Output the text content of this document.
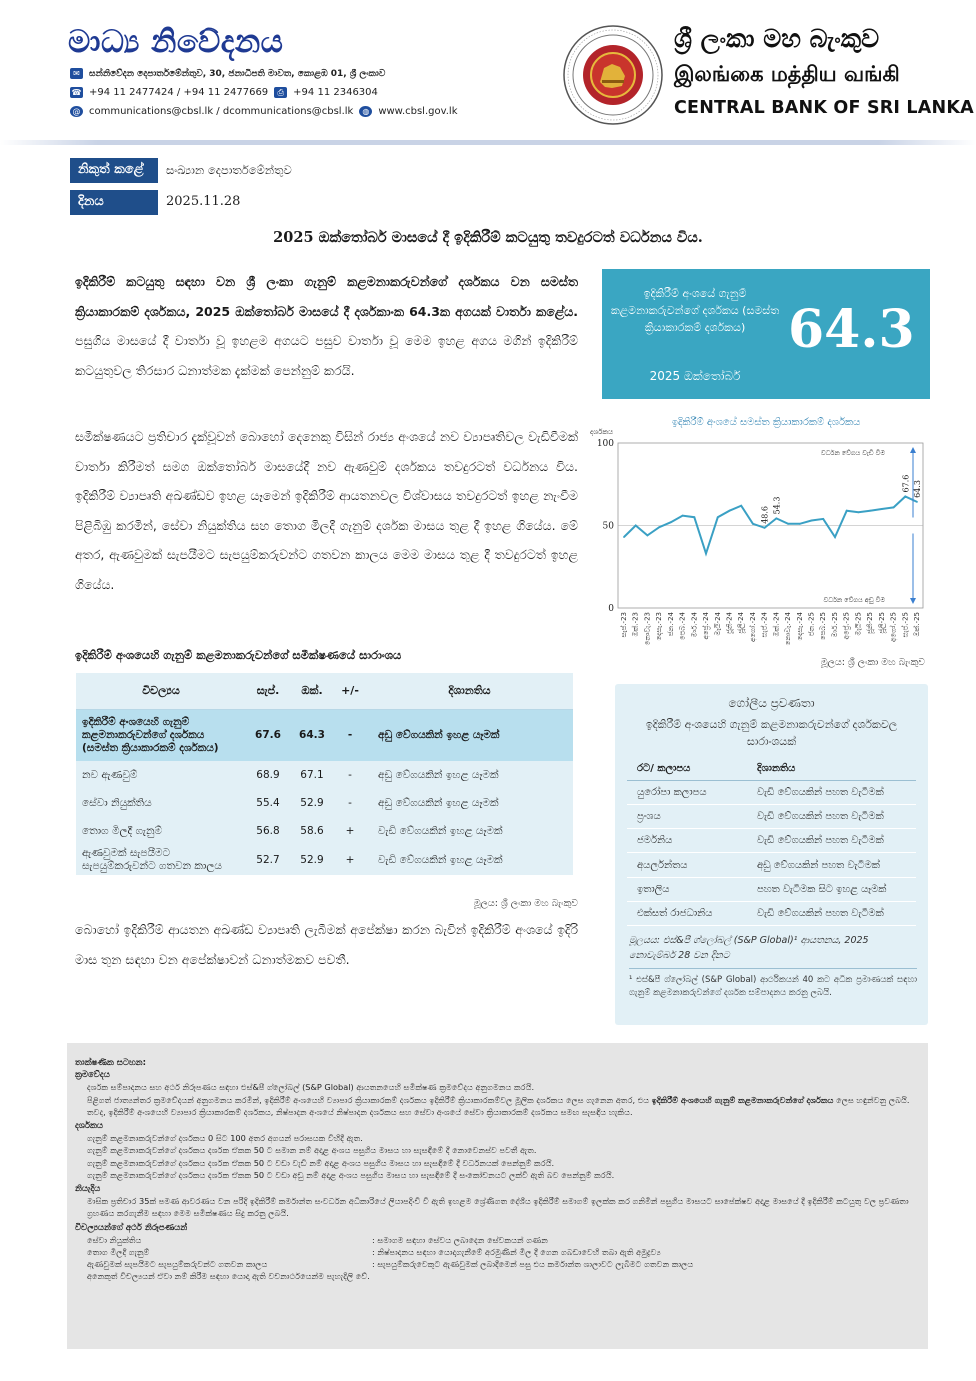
මාධ්‍ය නිවේදනය
✉	සන්නිවේදන දෙපාර්තමේන්තුව, 30, ජනාධිපති මාවත, කොළඹ 01, ශ්‍රී ලංකාව
☎ +94 11 2477424 / +94 11 2477669	⎙ +94 11 2346304
@ communications@cbsl.lk / dcommunications@cbsl.lk	◍ www.cbsl.gov.lk
ශ්‍රී ලංකා මහ බැංකුව
இலங்கை மத்திய வங்கி
CENTRAL BANK OF SRI LANKA
නිකුත් කළේ	සංඛ්‍යාන දෙපාර්තමේන්තුව
දිනය	2025.11.28
2025 ඔක්තෝබර් මාසයේ දී ඉදිකිරීම් කටයුතු තවදුරටත් වර්ධනය විය.
ඉදිකිරීම් කටයුතු සඳහා වන ශ්‍රී ලංකා ගැනුම් කළමනාකරුවන්ගේ දර්ශකය වන සමස්ත ක්‍රියාකාරකම් දර්ශකය, 2025 ඔක්තෝබර් මාසයේ දී දර්ශකාංක 64.3ක අගයක් වාර්තා කළේය. පසුගිය මාසයේ දී වාර්තා වූ ඉහළම අගයට පසුව වාර්තා වූ මෙම ඉහළ අගය මගින් ඉදිකිරීම් කටයුතුවල තිරසාර ධනාත්මක දැක්මක් පෙන්නුම් කරයි.
සමීක්ෂණයට ප්‍රතිචාර දැක්වූවන් බොහෝ දෙනෙකු විසින් රාජ්‍ය අංශයේ නව ව්‍යාපෘතිවල වැඩිවීමක් වාර්තා කිරීමත් සමග ඔක්තෝබර් මාසයේදී නව ඇණවුම් දර්ශකය තවදුරටත් වර්ධනය විය. ඉදිකිරීම් ව්‍යාපෘති අඛණ්ඩව ඉහළ යෑමෙන් ඉදිකිරීම් ආයතනවල විශ්වාසය තවදුරටත් ඉහළ නැංවීම පිළිබිඹු කරමින්, සේවා නියුක්තිය සහ තොග මිලදී ගැනුම් දර්ශක මාසය තුළ දී ඉහළ ගියේය. මේ අතර, ඇණවුමක් සැපයීමට සැපයුම්කරුවන්ට ගතවන කාලය මෙම මාසය තුළ දී තවදුරටත් ඉහළ ගියේය.
ඉදිකිරීම් අංශයේ ගැනුම් කළමනාකරුවන්ගේ දර්ශකය (සමස්ත ක්‍රියාකාරකම් දර්ශකය) 64.3
2025 ඔක්තෝබර්
ඉදිකිරීම් අංශයේ සමස්ත ක්‍රියාකාරකම් දර්ශකය
දර්ශකය
0
50
100
සැප්.-23 ඔක්.-23 නොවැ.-23 දෙසැ.-23 ජන.-24 පෙබ.-24 මාර්.-24 අප්‍රේ.-24 මැයි-24 ජූනි-24 ජූලි-24 අගෝ.-24 සැප්.-24 ඔක්.-24 නොවැ.-24 දෙසැ.-24 ජන.-25 පෙබ.-25 මාර්.-25 අප්‍රේ.-25 මැයි-25 ජූනි-25 ජූලි-25 අගෝ.-25 සැප්.-25 ඔක්.-25
48.6
54.3
67.6 64.3
වර්ධන වේගය වැඩි වීම
වර්ධන වේගය අඩු වීම
මූලය: ශ්‍රී ලංකා මහ බැංකුව
ඉදිකිරීම් අංශයෙහි ගැනුම් කළමනාකරුවන්ගේ සමීක්ෂණයේ සාරාංශය
විචල්‍යය	සැප්.	ඔක්.	+/-	දිශානතිය
ඉදිකිරීම් අංශයෙහි ගැනුම් කළමනාකරුවන්ගේ දර්ශකය (සමස්ත ක්‍රියාකාරකම් දර්ශකය)	67.6	64.3	-	අඩු වේගයකින් ඉහළ යෑමක්
නව ඇණවුම්	68.9	67.1	-	අඩු වේගයකින් ඉහළ යෑමක්
සේවා නියුක්තිය	55.4	52.9	-	අඩු වේගයකින් ඉහළ යෑමක්
තොග මිලදී ගැනුම්	56.8	58.6	+	වැඩි වේගයකින් ඉහළ යෑමක්
ඇණවුමක් සැපයීමට සැපයුම්කරුවන්ට ගතවන කාලය	52.7	52.9	+	වැඩි වේගයකින් ඉහළ යෑමක්
මූලය: ශ්‍රී ලංකා මහ බැංකුව
බොහෝ ඉදිකිරීම් ආයතන අඛණ්ඩ ව්‍යාපෘති ලැබීමක් අපේක්ෂා කරන බැවින් ඉදිකිරීම් අංශයේ ඉදිරි මාස තුන සඳහා වන අපේක්ෂාවන් ධනාත්මකව පවතී.
ගෝලීය ප්‍රවණතා
ඉදිකිරීම් අංශයෙහි ගැනුම් කළමනාකරුවන්ගේ දර්ශකවල සාරාංශයක්
රට/ කලාපය	දිශානතිය
යුරෝපා කලාපය	වැඩි වේගයකින් පහත වැටීමක්
ප්‍රංශය	වැඩි වේගයකින් පහත වැටීමක්
ජර්මනිය	වැඩි වේගයකින් පහත වැටීමක්
අයර්ලන්තය	අඩු වේගයකින් පහත වැටීමක්
ඉතාලිය	පහත වැටීමක සිට ඉහළ යෑමක්
එක්සත් රාජධානිය	වැඩි වේගයකින් පහත වැටීමක්
මූලයය: එස්&පී ග්ලෝබල් (S&P Global)¹ ආයතනය, 2025 නොවැම්බර් 28 වන දිනට
¹ එස්&පී ග්ලෝබල් (S&P Global) ආර්ථිකයන් 40 කට අධික ප්‍රමාණයක් සඳහා ගැනුම් කළමනාකරුවන්ගේ දර්ශක සම්පාදනය කරනු ලබයි.
තාක්ෂණික සටහන:
ක්‍රමවේදය
දර්ශක සම්පාදනය සහ අර්ථ නිරූපණය සඳහා එස්&පී ග්ලෝබල් (S&P Global) ආයතනයෙහි සමීක්ෂණ ක්‍රමවේදය අනුගමනය කරයි.
පිළිගත් ජාත්‍යන්තර ක්‍රමවේදයන් අනුගමනය කරමින්, ඉදිකිරීම් අංශයෙහි ව්‍යාපාර ක්‍රියාකාරකම් දර්ශකය ඉදිකිරීම් ක්‍රියාකාරකම්වල මූලික දර්ශකය ලෙස ගැනෙන අතර, එය ඉදිකිරීම් අංශයෙහි ගැනුම් කළමනාකරුවන්ගේ දර්ශකය ලෙස හඳුන්වනු ලබයි. තවද, ඉදිකිරීම් අංශයෙහි ව්‍යාපාර ක්‍රියාකාරකම් දර්ශකය, නිෂ්පාදන අංශයේ නිෂ්පාදන දර්ශකය සහ සේවා අංශයේ සේවා ක්‍රියාකාරකම් දර්ශකය සමඟ සැසඳිය හැකිය.
දර්ශකය
ගැනුම් කළමනාකරුවන්ගේ දර්ශකය 0 සිට 100 අතර අගයන් පරාසයක විහිදී ඇත.
ගැනුම් කළමනාකරුවන්ගේ දර්ශකය දර්ශක ඒකක 50 ට සමාන නම් අදාළ අංශය පසුගිය මාසය හා සැසඳීමේ දී නොවෙනස්ව පවතී ඇත.
ගැනුම් කළමනාකරුවන්ගේ දර්ශකය දර්ශක ඒකක 50 ට වඩා වැඩි නම් අදාළ අංශය පසුගිය මාසය හා සැසඳීමේ දී වර්ධනයක් පෙන්නුම් කරයි.
ගැනුම් කළමනාකරුවන්ගේ දර්ශකය දර්ශක ඒකක 50 ට වඩා අඩු නම් අදාළ අංශය පසුගිය මාසය හා සැසඳීමේ දී සංකෝචනයට ලක්වී ඇති බව පෙන්නුම් කරයි.
නියැදිය
මාසික ප්‍රතිචාර 35ක් පමණ ආවරණය වන පරිදි ඉදිකිරීම් කර්මාන්ත සංවර්ධන අධිකාරියේ ලියාපදිංචි වී ඇති ඉහළම ශ්‍රේණිගත දේශීය ඉදිකිරීම් සමාගම් ඉලක්ක කර ගනිමින් පසුගිය මාසයට සාපේක්ෂව අදාළ මාසයේ දී ඉදිකිරීම් කටයුතු වල ප්‍රවණතා ග්‍රහණය කරගැනීම සඳහා මෙම සමීක්ෂණය සිදු කරනු ලබයි.
විචල්‍යයන්ගේ අර්ථ නිරූපණයන්
සේවා නියුක්තිය	: සමාගම සඳහා සේවය ලබාදෙන සේවකයන් ගණන
තොග මිලදී ගැනුම්	: නිෂ්පාදනය සඳහා යොදාගැනීමේ අරමුණින් මිල දී ගෙන ගබඩාවෙහි තබා ඇති අමුද්‍රව්‍ය
ඇණවුමක් සැපයීමට සැපයුම්කරුවන්ට ගතවන කාලය	: සැපයුම්කරුවෙකුට ඇණවුමක් ලබාදීමෙන් පසු එය කර්මාන්ත ශාලාවට ලැබීමට ගතවන කාලය
අනෙකුත් විචල්‍යයන් ඒවා නම් කිරීම සඳහා යොදා ඇති වචනාර්ථයෙන්ම පැහැදිලි වේ.
